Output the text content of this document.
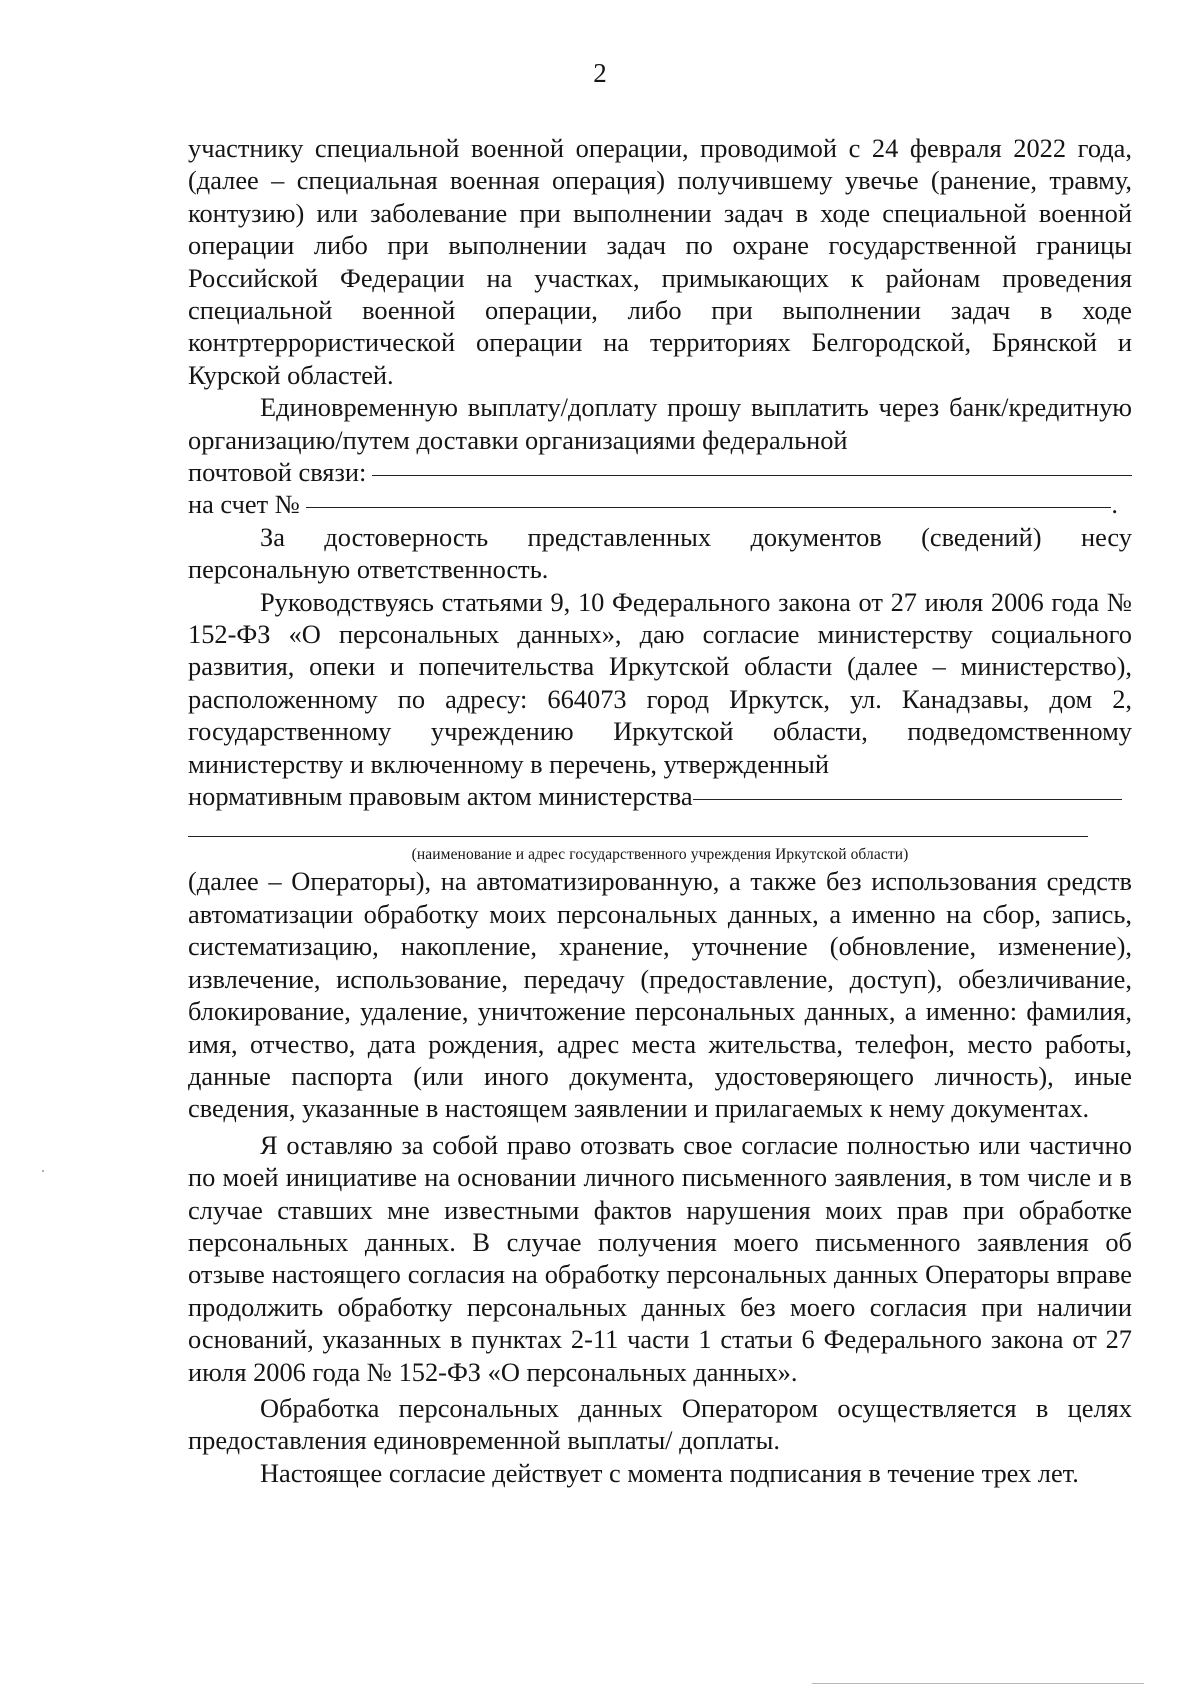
2

участнику специальной военной операции, проводимой с 24 февраля 2022 года, (далее – специальная военная операция) получившему увечье (ранение, травму, контузию) или заболевание при выполнении задач в ходе специальной военной операции либо при выполнении задач по охране государственной границы Российской Федерации на участках, примыкающих к районам проведения специальной военной операции, либо при выполнении задач в ходе контртеррористической операции на территориях Белгородской, Брянской и Курской областей.

Единовременную выплату/доплату прошу выплатить через банк/кредитную организацию/путем доставки организациями федеральной

почтовой связи:
на счет №	.

За достоверность представленных документов (сведений) несу персональную ответственность.

Руководствуясь статьями 9, 10 Федерального закона от 27 июля 2006 года № 152-ФЗ «О персональных данных», даю согласие министерству социального развития, опеки и попечительства Иркутской области (далее – министерство), расположенному по адресу: 664073 город Иркутск, ул. Канадзавы, дом 2, государственному учреждению Иркутской области, подведомственному министерству и включенному в перечень, утвержденный

нормативным правовым актом министерства

(наименование и адрес государственного учреждения Иркутской области)

(далее – Операторы), на автоматизированную, а также без использования средств автоматизации обработку моих персональных данных, а именно на сбор, запись, систематизацию, накопление, хранение, уточнение (обновление, изменение), извлечение, использование, передачу (предоставление, доступ), обезличивание, блокирование, удаление, уничтожение персональных данных, а именно: фамилия, имя, отчество, дата рождения, адрес места жительства, телефон, место работы, данные паспорта (или иного документа, удостоверяющего личность), иные сведения, указанные в настоящем заявлении и прилагаемых к нему документах.

Я оставляю за собой право отозвать свое согласие полностью или частично по моей инициативе на основании личного письменного заявления, в том числе и в случае ставших мне известными фактов нарушения моих прав при обработке персональных данных. В случае получения моего письменного заявления об отзыве настоящего согласия на обработку персональных данных Операторы вправе продолжить обработку персональных данных без моего согласия при наличии оснований, указанных в пунктах 2-11 части 1 статьи 6 Федерального закона от 27 июля 2006 года № 152-ФЗ «О персональных данных».

Обработка персональных данных Оператором осуществляется в целях предоставления единовременной выплаты/ доплаты.

Настоящее согласие действует с момента подписания в течение трех лет.
